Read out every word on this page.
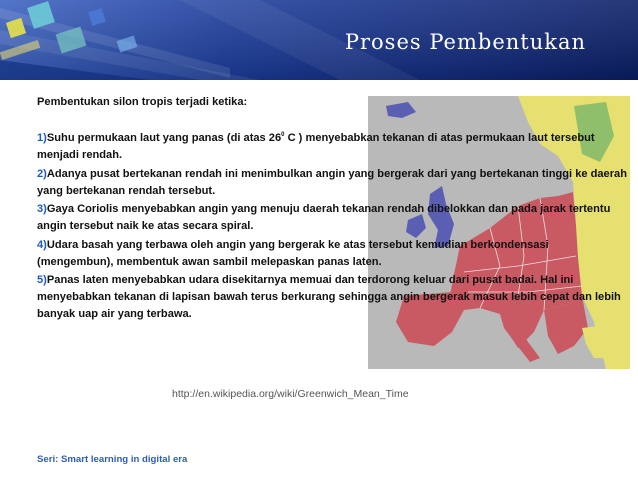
Proses Pembentukan
Pembentukan silon tropis terjadi ketika:
1)Suhu permukaan laut yang panas (di atas $26^0$ C ) menyebabkan tekanan di atas permukaan laut tersebut menjadi rendah.
2)Adanya pusat bertekanan rendah ini menimbulkan angin yang bergerak dari yang bertekanan tinggi ke daerah yang bertekanan rendah tersebut.
3)Gaya Coriolis menyebabkan angin yang menuju daerah tekanan rendah dibelokkan dan pada jarak tertentu angin tersebut naik ke atas secara spiral.
4)Udara basah yang terbawa oleh angin yang bergerak ke atas tersebut kemudian berkondensasi (mengembun), membentuk awan sambil melepaskan panas laten.
5)Panas laten menyebabkan udara disekitarnya memuai dan terdorong keluar dari pusat badai. Hal ini menyebabkan tekanan di lapisan bawah terus berkurang sehingga angin bergerak masuk lebih cepat dan lebih banyak uap air yang terbawa.
http://en.wikipedia.org/wiki/Greenwich_Mean_Time
Seri: Smart learning in digital era
